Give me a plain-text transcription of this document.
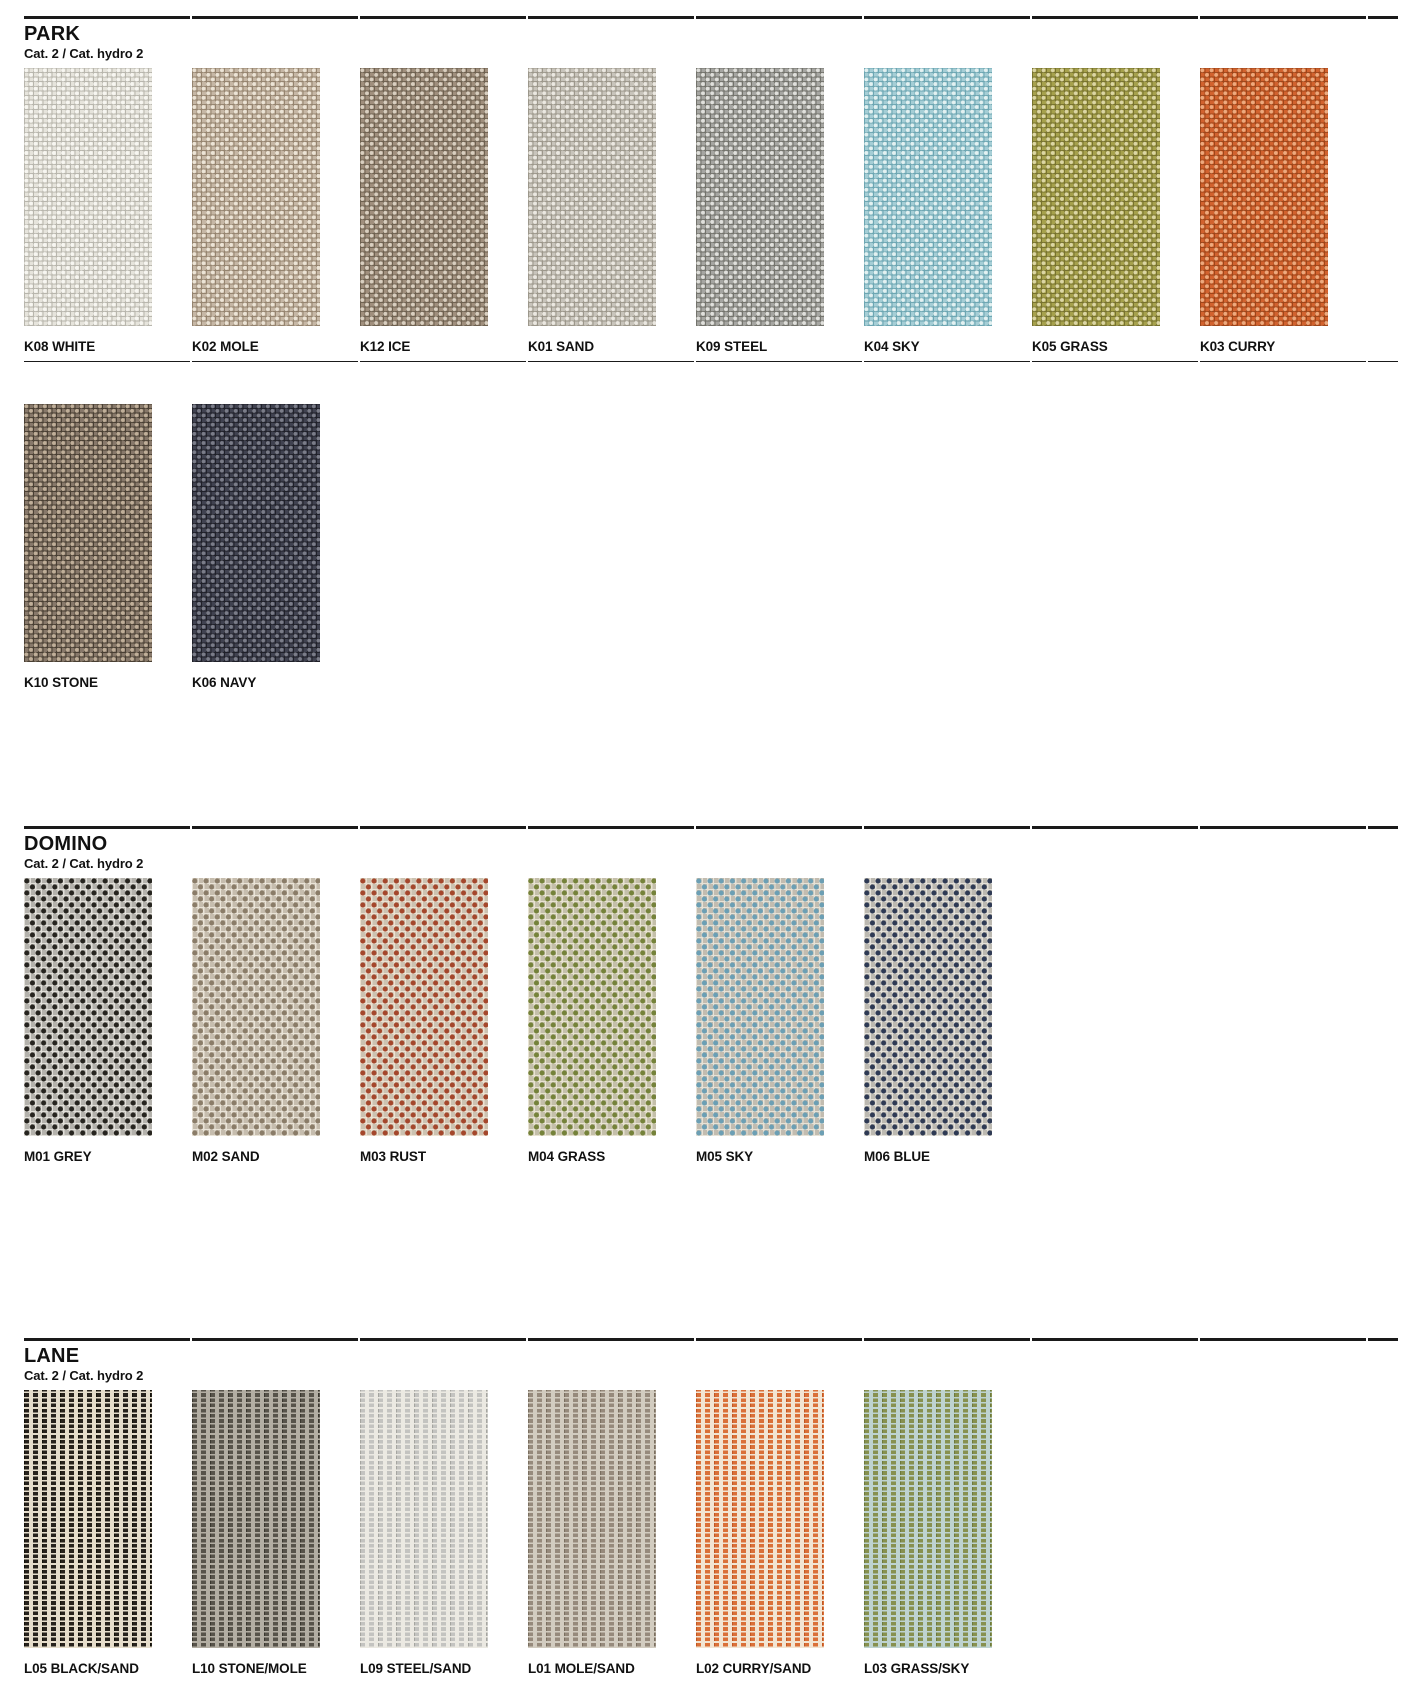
PARK
Cat. 2 / Cat. hydro 2
K08 WHITE	K02 MOLE	K12 ICE	K01 SAND	K09 STEEL	K04 SKY	K05 GRASS	K03 CURRY
K10 STONE	K06 NAVY
DOMINO
Cat. 2 / Cat. hydro 2
M01 GREY	M02 SAND	M03 RUST	M04 GRASS	M05 SKY	M06 BLUE
LANE
Cat. 2 / Cat. hydro 2
L05 BLACK/SAND	L10 STONE/MOLE	L09 STEEL/SAND	L01 MOLE/SAND	L02 CURRY/SAND	L03 GRASS/SKY
